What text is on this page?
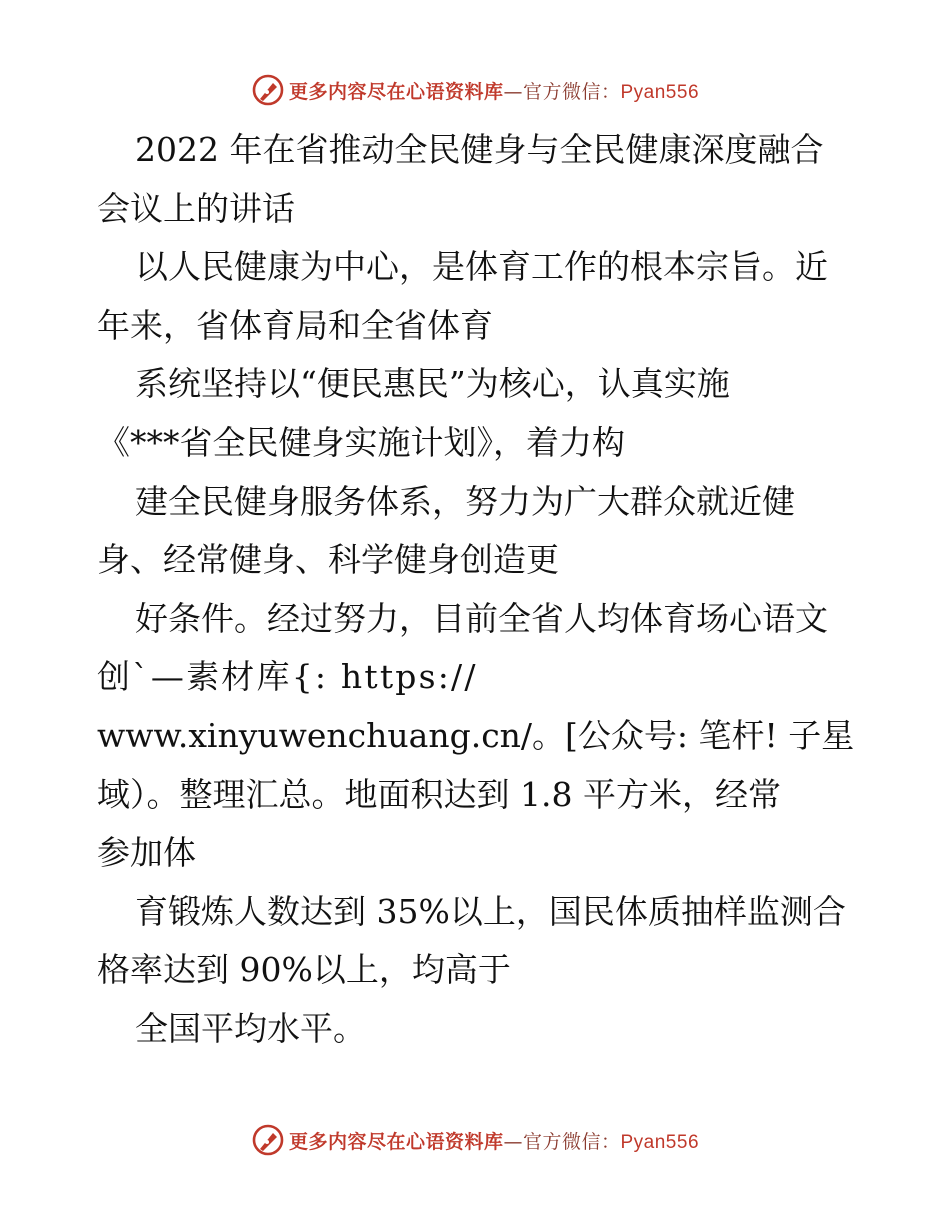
更多内容尽在心语资料库—官方微信：Pyan556
2022 年在省推动全民健身与全民健康深度融合
会议上的讲话
以人民健康为中心，是体育工作的根本宗旨。近
年来，省体育局和全省体育
系统坚持以“便民惠民”为核心，认真实施
《***省全民健身实施计划》，着力构
建全民健身服务体系，努力为广大群众就近健
身、经常健身、科学健身创造更
好条件。经过努力，目前全省人均体育场心语文
创`—素材库{: https://
www.xinyuwenchuang.cn/。[公众号: 笔杆! 子星
域）。整理汇总。地面积达到 1.8 平方米，经常
参加体
育锻炼人数达到 35%以上，国民体质抽样监测合
格率达到 90%以上，均高于
全国平均水平。
更多内容尽在心语资料库—官方微信：Pyan556
